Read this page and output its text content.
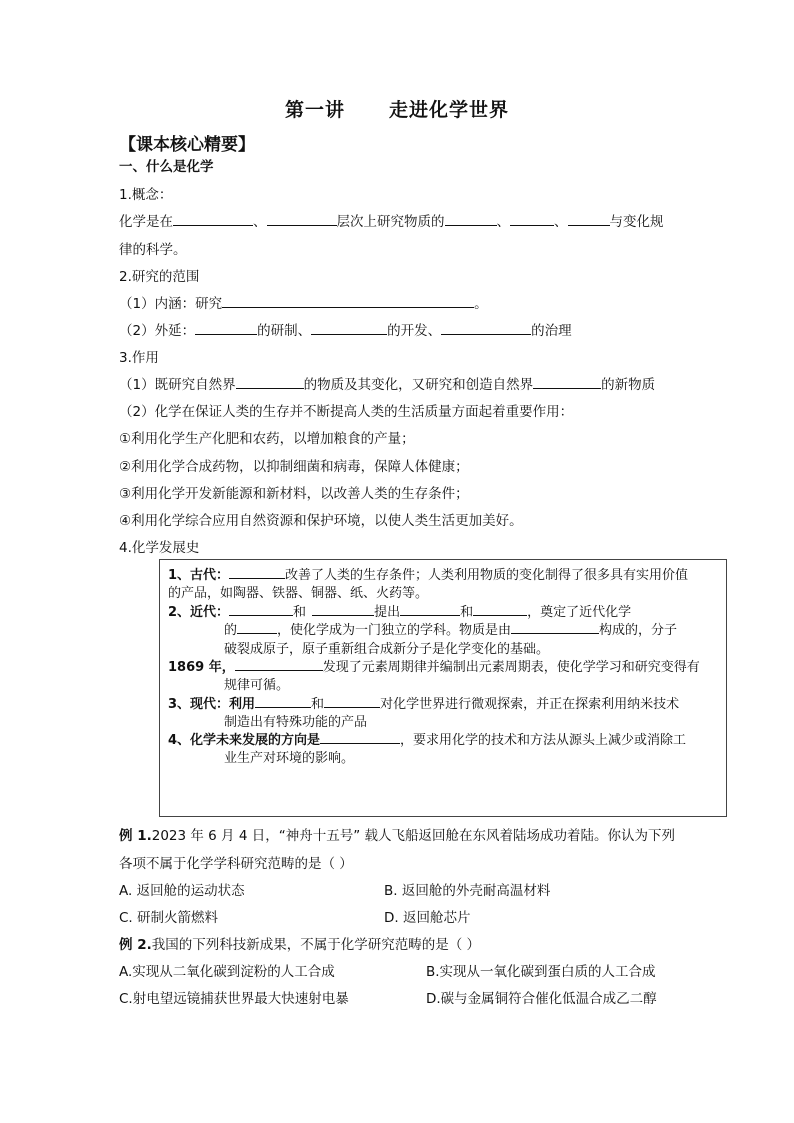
第一讲 走进化学世界
【课本核心精要】
一、什么是化学
1.概念：
化学是在	、	层次上研究物质的	、	、	与变化规
律的科学。
2.研究的范围
（1）内涵：研究	。
（2）外延：	的研制、	的开发、	的治理
3.作用
（1）既研究自然界	的物质及其变化，又研究和创造自然界	的新物质
（2）化学在保证人类的生存并不断提高人类的生活质量方面起着重要作用：
①利用化学生产化肥和农药，以增加粮食的产量；
②利用化学合成药物，以抑制细菌和病毒，保障人体健康；
③利用化学开发新能源和新材料，以改善人类的生存条件；
④利用化学综合应用自然资源和保护环境，以使人类生活更加美好。
4.化学发展史
1、古代：	改善了人类的生存条件；人类利用物质的变化制得了很多具有实用价值
的产品，如陶器、铁器、铜器、纸、火药等。
2、近代：	和	提出	和	，奠定了近代化学
的	，使化学成为一门独立的学科。物质是由	构成的，分子
破裂成原子，原子重新组合成新分子是化学变化的基础。
1869 年，	发现了元素周期律并编制出元素周期表，使化学学习和研究变得有
规律可循。
3、现代：利用	和	对化学世界进行微观探索，并正在探索利用纳米技术
制造出有特殊功能的产品
4、化学未来发展的方向是	，要求用化学的技术和方法从源头上减少或消除工
业生产对环境的影响。
例 1.2023 年 6 月 4 日，“神舟十五号” 载人飞船返回舱在东风着陆场成功着陆。你认为下列
各项不属于化学学科研究范畴的是（ ）
A. 返回舱的运动状态	B. 返回舱的外壳耐高温材料
C. 研制火箭燃料	D. 返回舱芯片
例 2.我国的下列科技新成果，不属于化学研究范畴的是（ ）
A.实现从二氧化碳到淀粉的人工合成	B.实现从一氧化碳到蛋白质的人工合成
C.射电望远镜捕获世界最大快速射电暴	D.碳与金属铜符合催化低温合成乙二醇
